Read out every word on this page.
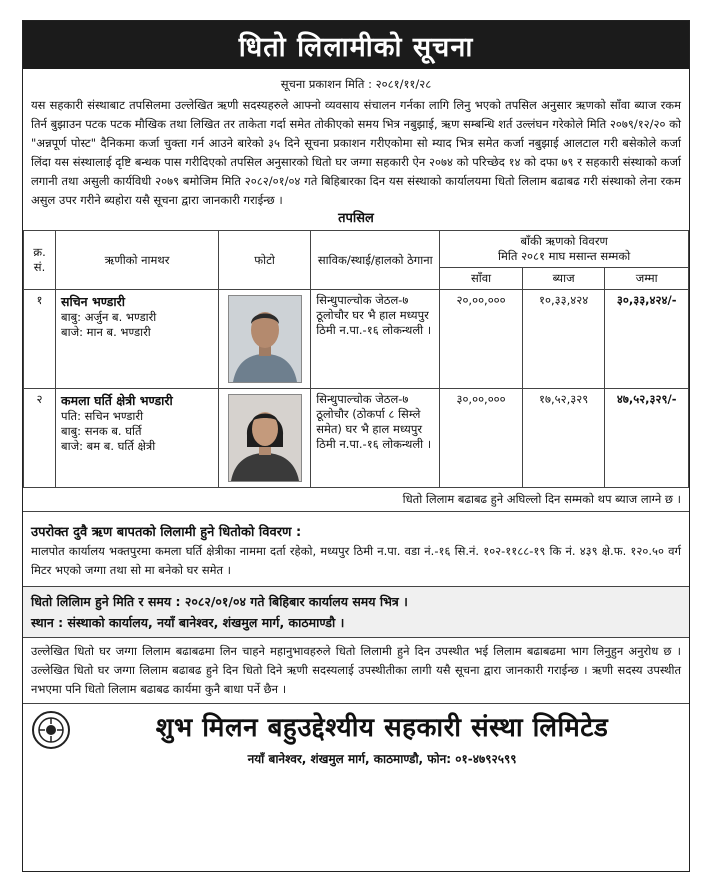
धितो लिलामीको सूचना
सूचना प्रकाशन मिति : २०८१/११/२८
यस सहकारी संस्थाबाट तपसिलमा उल्लेखित ऋणी सदस्यहरुले आफ्नो व्यवसाय संचालन गर्नका लागि लिनु भएको तपसिल अनुसार ऋणको साँवा ब्याज रकम तिर्न बुझाउन पटक पटक मौखिक तथा लिखित तर ताकेता गर्दा समेत तोकीएको समय भित्र नबुझाई, ऋण सम्बन्धि शर्त उल्लंघन गरेकोले मिति २०७९/१२/२० को "अन्नपूर्ण पोस्ट" दैनिकमा कर्जा चुक्ता गर्न आउने बारेको ३५ दिने सूचना प्रकाशन गरीएकोमा सो म्याद भित्र समेत कर्जा नबुझाई आलटाल गरी बसेकोले कर्जा लिंदा यस संस्थालाई दृष्टि बन्धक पास गरीदिएको तपसिल अनुसारको धितो घर जग्गा सहकारी ऐन २०७४ को परिच्छेद १४ को दफा ७९ र सहकारी संस्थाको कर्जा लगानी तथा असुली कार्यविधी २०७९ बमोजिम मिति २०८२/०१/०४ गते बिहिबारका दिन यस संस्थाको कार्यालयमा धितो लिलाम बढाबढ गरी संस्थाको लेना रकम असुल उपर गरीने ब्यहोरा यसै सूचना द्वारा जानकारी गराईन्छ ।
तपसिल
क्र. सं.	ऋणीको नामथर	फोटो	साविक/स्थाई/हालको ठेगाना	बाँकी ऋणको विवरण
मिति २०८१ माघ मसान्त सम्मको		

				साँवा	ब्याज	जम्मा
१	सचिन भण्डारी
बाबु: अर्जुन ब. भण्डारी
बाजे: मान ब. भण्डारी		सिन्धुपाल्चोक जेठल-७ ठूलोचौर घर भै हाल मध्यपुर ठिमी न.पा.-१६ लोकन्थली ।	२०,००,०००	१०,३३,४२४	३०,३३,४२४/-
२	कमला घर्ति क्षेत्री भण्डारी
पति: सचिन भण्डारी
बाबु: सनक ब. घर्ति
बाजे: बम ब. घर्ति क्षेत्री		सिन्धुपाल्चोक जेठल-७ ठूलोचौर (ठोकर्पा ८ सिम्ले समेत) घर भै हाल मध्यपुर ठिमी न.पा.-१६ लोकन्थली ।	३०,००,०००	१७,५२,३२९	४७,५२,३२९/-
धितो लिलाम बढाबढ हुने अघिल्लो दिन सम्मको थप ब्याज लाग्ने छ ।
उपरोक्त दुवै ऋण बापतको लिलामी हुने धितोको विवरण :
मालपोत कार्यालय भक्तपुरमा कमला घर्ति क्षेत्रीका नाममा दर्ता रहेको, मध्यपुर ठिमी न.पा. वडा नं.-१६ सि.नं. १०२-११८८-१९ कि नं. ४३९ क्षे.फ. १२०.५० वर्ग मिटर भएको जग्गा तथा सो मा बनेको घर समेत ।
धितो लिलिाम हुने मिति र समय : २०८२/०१/०४ गते बिहिबार कार्यालय समय भित्र ।
स्थान : संस्थाको कार्यालय, नयाँ बानेश्वर, शंखमुल मार्ग, काठमाण्डौ ।
उल्लेखित धितो घर जग्गा लिलाम बढाबढमा लिन चाहने महानुभावहरुले धितो लिलामी हुने दिन उपस्थीत भई लिलाम बढाबढमा भाग लिनुहुन अनुरोध छ । उल्लेखित धितो घर जग्गा लिलाम बढाबढ हुने दिन धितो दिने ऋणी सदस्यलाई उपस्थीतीका लागी यसै सूचना द्वारा जानकारी गराईन्छ । ऋणी सदस्य उपस्थीत नभएमा पनि धितो लिलाम बढाबढ कार्यमा कुनै बाधा पर्ने छैन ।
शुभ मिलन बहुउद्देश्यीय सहकारी संस्था लिमिटेड
नयाँ बानेश्वर, शंखमुल मार्ग, काठमाण्डौ, फोन: ०१-४७९२५९९
